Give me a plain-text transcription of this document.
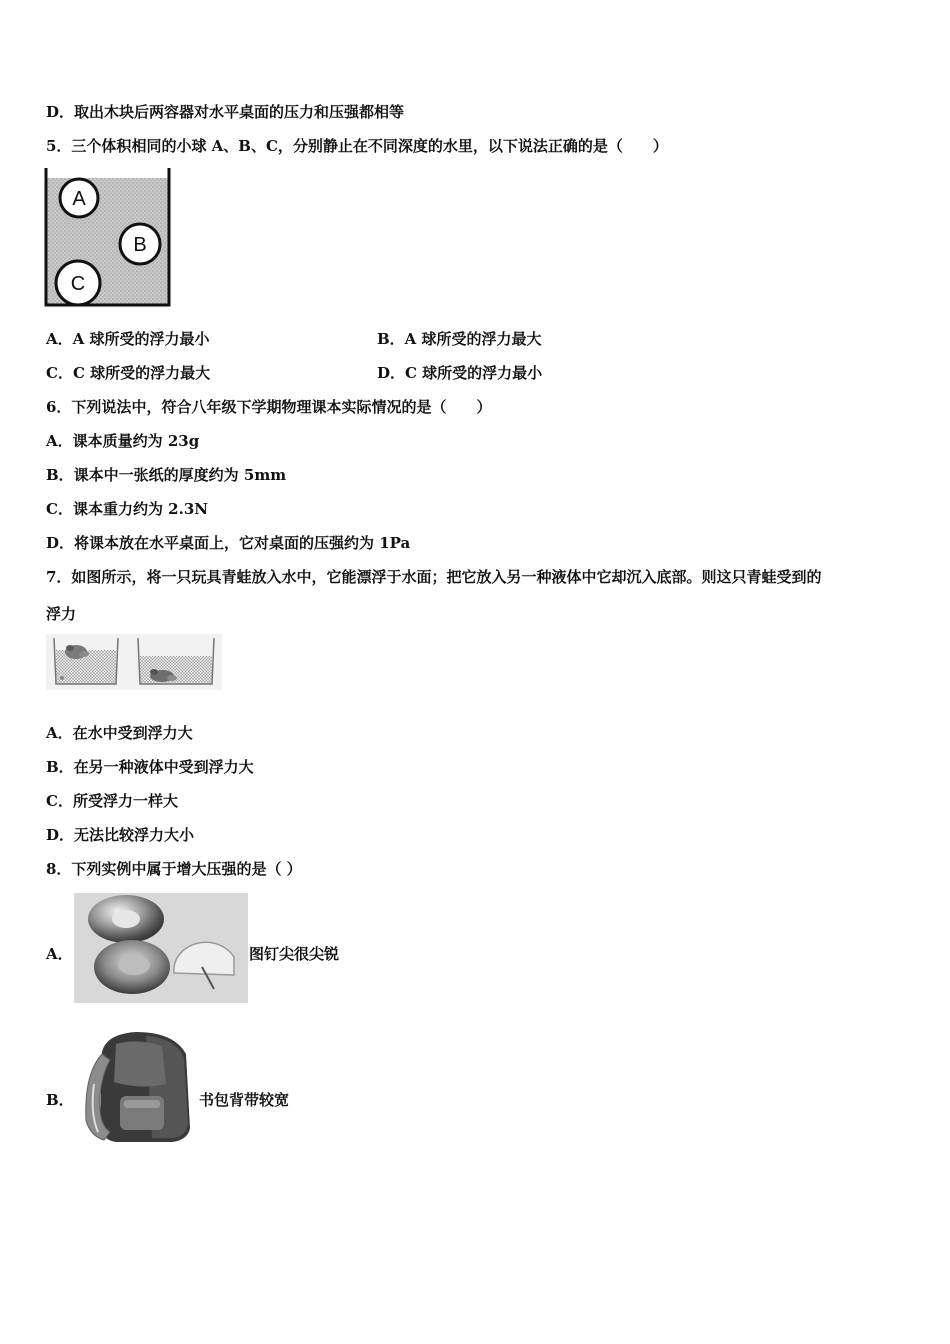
D．取出木块后两容器对水平桌面的压力和压强都相等
5．三个体积相同的小球 A、B、C，分别静止在不同深度的水里，以下说法正确的是（　　）
A
B
C
A．A 球所受的浮力最小	B．A 球所受的浮力最大
C．C 球所受的浮力最大	D．C 球所受的浮力最小
6．下列说法中，符合八年级下学期物理课本实际情况的是（　　）
A．课本质量约为 23g
B．课本中一张纸的厚度约为 5mm
C．课本重力约为 2.3N
D．将课本放在水平桌面上，它对桌面的压强约为 1Pa
7．如图所示，将一只玩具青蛙放入水中，它能漂浮于水面；把它放入另一种液体中它却沉入底部。则这只青蛙受到的
浮力
A．在水中受到浮力大
B．在另一种液体中受到浮力大
C．所受浮力一样大
D．无法比较浮力大小
8．下列实例中属于增大压强的是（ ）
A．	图钉尖很尖锐
B．	书包背带较宽
